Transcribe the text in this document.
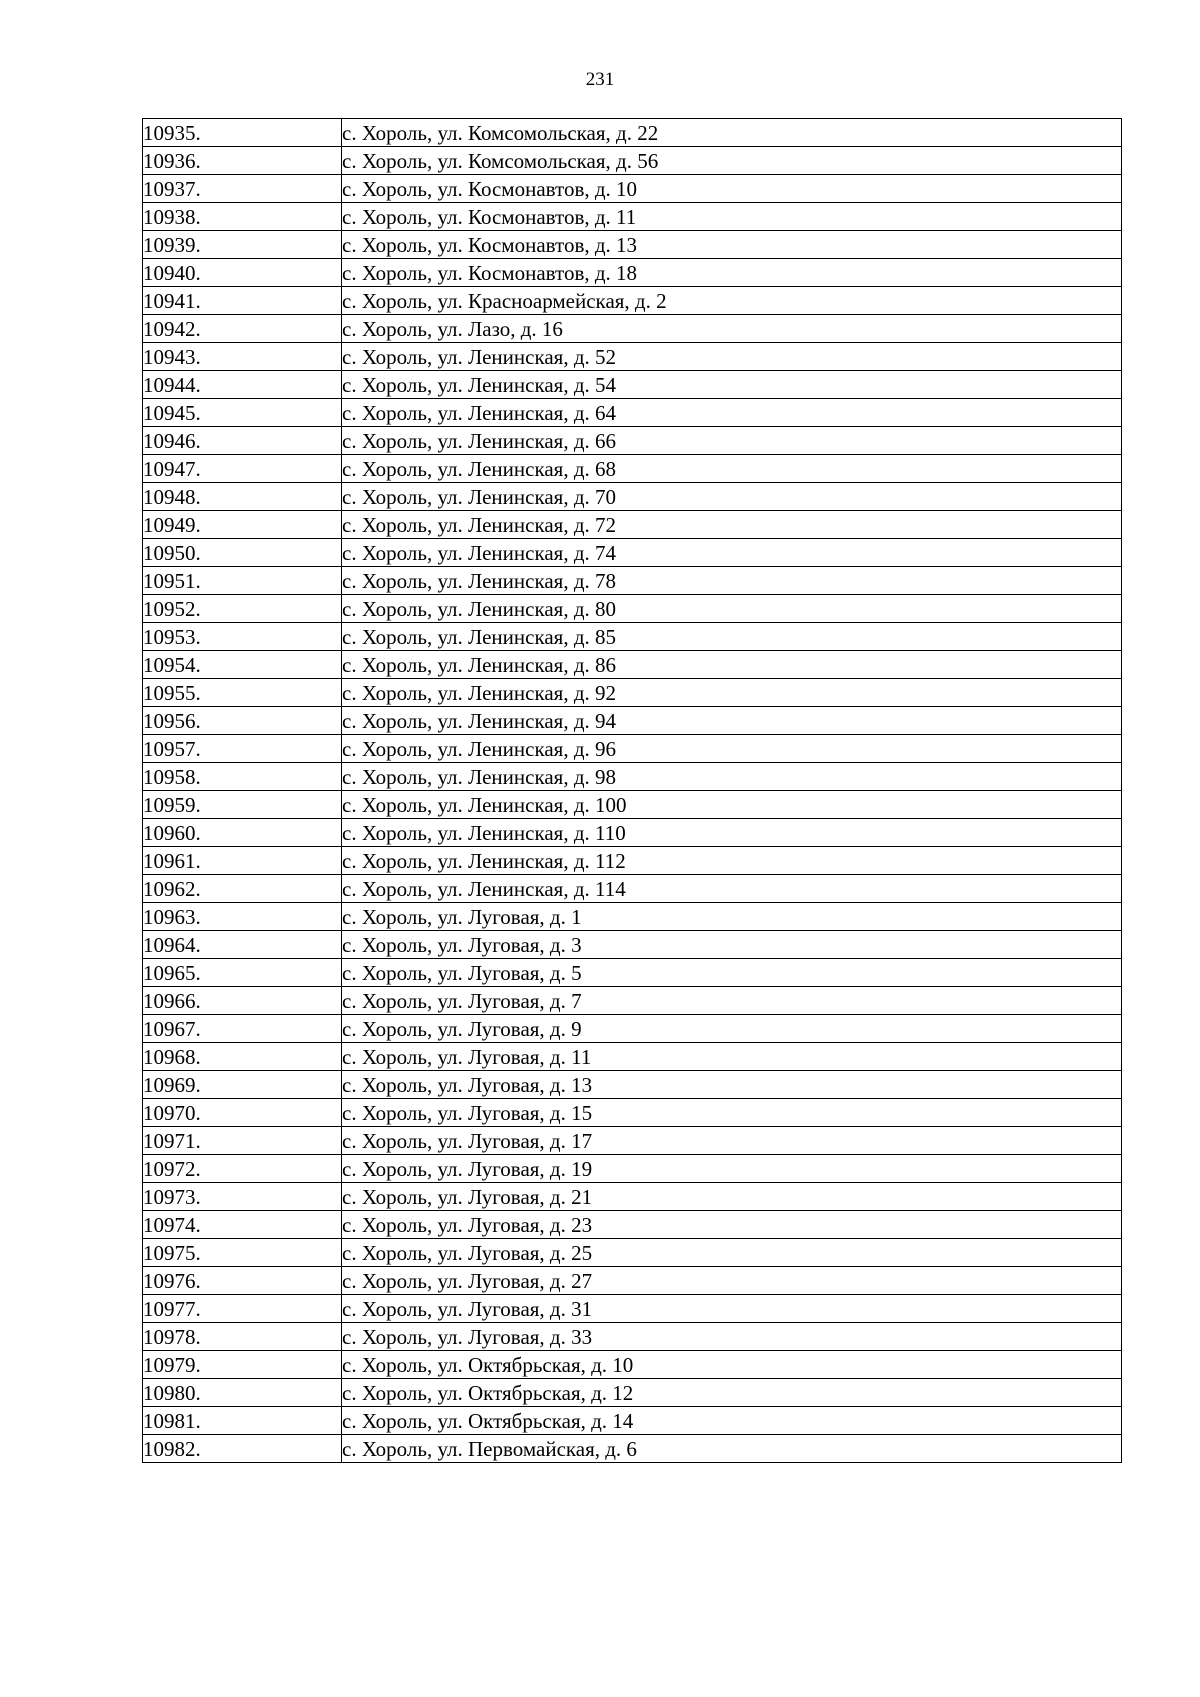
231
10935.	с. Хороль, ул. Комсомольская, д. 22
10936.	с. Хороль, ул. Комсомольская, д. 56
10937.	с. Хороль, ул. Космонавтов, д. 10
10938.	с. Хороль, ул. Космонавтов, д. 11
10939.	с. Хороль, ул. Космонавтов, д. 13
10940.	с. Хороль, ул. Космонавтов, д. 18
10941.	с. Хороль, ул. Красноармейская, д. 2
10942.	с. Хороль, ул. Лазо, д. 16
10943.	с. Хороль, ул. Ленинская, д. 52
10944.	с. Хороль, ул. Ленинская, д. 54
10945.	с. Хороль, ул. Ленинская, д. 64
10946.	с. Хороль, ул. Ленинская, д. 66
10947.	с. Хороль, ул. Ленинская, д. 68
10948.	с. Хороль, ул. Ленинская, д. 70
10949.	с. Хороль, ул. Ленинская, д. 72
10950.	с. Хороль, ул. Ленинская, д. 74
10951.	с. Хороль, ул. Ленинская, д. 78
10952.	с. Хороль, ул. Ленинская, д. 80
10953.	с. Хороль, ул. Ленинская, д. 85
10954.	с. Хороль, ул. Ленинская, д. 86
10955.	с. Хороль, ул. Ленинская, д. 92
10956.	с. Хороль, ул. Ленинская, д. 94
10957.	с. Хороль, ул. Ленинская, д. 96
10958.	с. Хороль, ул. Ленинская, д. 98
10959.	с. Хороль, ул. Ленинская, д. 100
10960.	с. Хороль, ул. Ленинская, д. 110
10961.	с. Хороль, ул. Ленинская, д. 112
10962.	с. Хороль, ул. Ленинская, д. 114
10963.	с. Хороль, ул. Луговая, д. 1
10964.	с. Хороль, ул. Луговая, д. 3
10965.	с. Хороль, ул. Луговая, д. 5
10966.	с. Хороль, ул. Луговая, д. 7
10967.	с. Хороль, ул. Луговая, д. 9
10968.	с. Хороль, ул. Луговая, д. 11
10969.	с. Хороль, ул. Луговая, д. 13
10970.	с. Хороль, ул. Луговая, д. 15
10971.	с. Хороль, ул. Луговая, д. 17
10972.	с. Хороль, ул. Луговая, д. 19
10973.	с. Хороль, ул. Луговая, д. 21
10974.	с. Хороль, ул. Луговая, д. 23
10975.	с. Хороль, ул. Луговая, д. 25
10976.	с. Хороль, ул. Луговая, д. 27
10977.	с. Хороль, ул. Луговая, д. 31
10978.	с. Хороль, ул. Луговая, д. 33
10979.	с. Хороль, ул. Октябрьская, д. 10
10980.	с. Хороль, ул. Октябрьская, д. 12
10981.	с. Хороль, ул. Октябрьская, д. 14
10982.	с. Хороль, ул. Первомайская, д. 6
